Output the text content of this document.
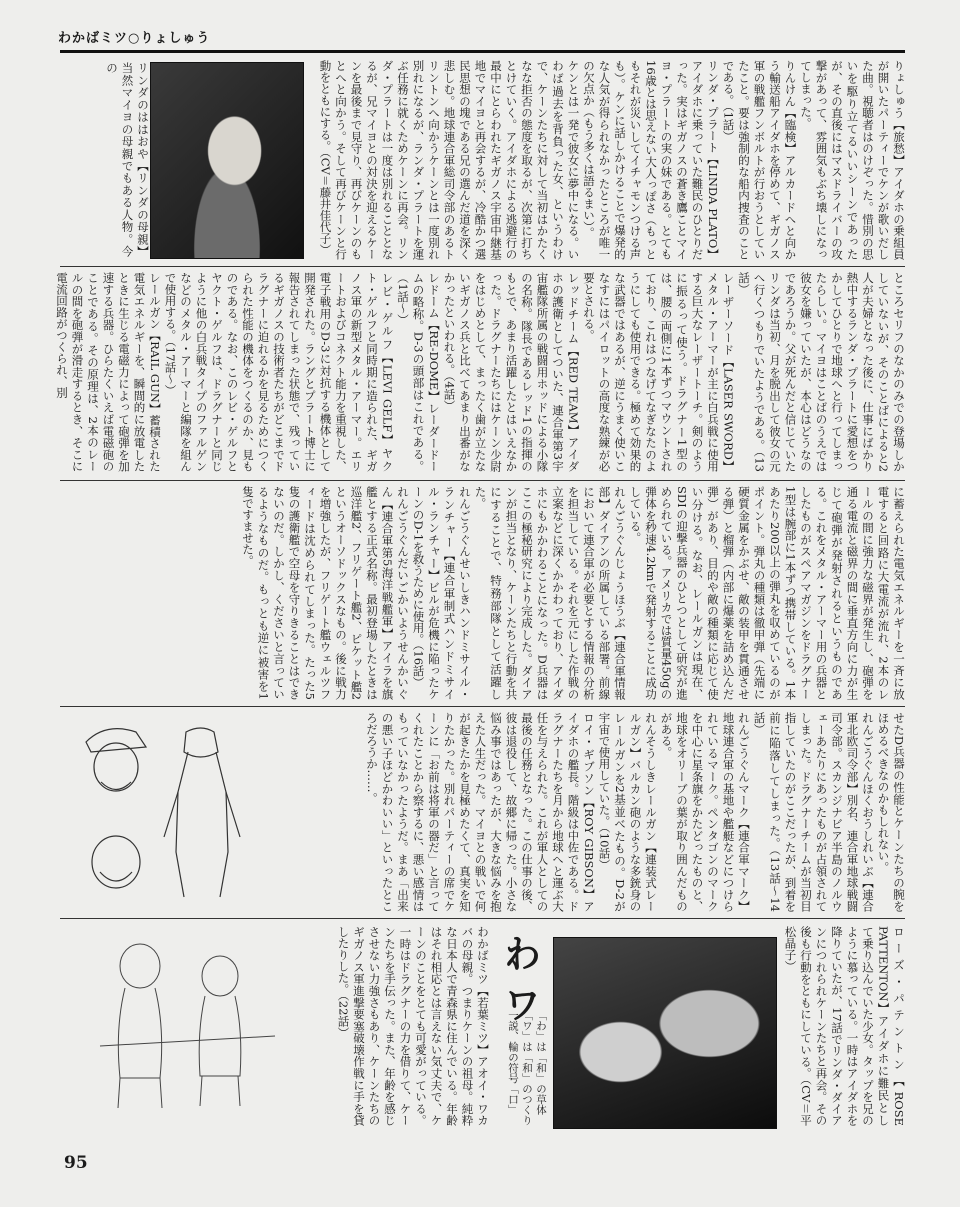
わかばミツ○りょしゅう
リンダのははおや【リンダの母親】当然マイヨの母親でもある人物。今の	りょしゅう【旅愁】アイダホの乗組員が開いたパーティーでケンが歌いだした曲。視聴者はのけぞった。惜別の思いを駆り立てるいいシーンであったが、その直後にはマスドライバーの攻撃があって、雰囲気もぶち壊しになってしまった。

りんけん【臨検】アルカードへと向かう輸送船アイダホを停めて、ギガノス軍の戦艦フンボルトが行おうとしていたこと。要は強制的な船内捜査のことである。（1話）

リンダ・プラート【LINDA PLATO】アイダホに乗っていた難民のひとりだった。実はギガノスの蒼き鷹ことマイヨ・プラートの実の妹である。とても16歳とは思えない大人っぽさ（もっともそれが災いしてイチャモンつける声も）。ケンに話しかけることで爆発的な人気が得られなかったところが唯一の欠点か（もう多くは語るまい）。

ケンとは一発で彼女に夢中になる。いわば過去を背負った女、というわけで、ケーンたちに対して当初はかたくなな拒否の態度を取るが、次第に打ちとけていく。アイダホによる逃避行の最中にとらわれたギガノス宇宙中継基地でマイヨと再会するが、冷酷かつ選民思想の塊である兄の選んだ道を深く悲しむ。地球連合軍総司令部のあるトリントンへ向かうケーンとは一度別れ別れになるが、ランダ・プラートを運ぶ任務に就くためケーンに再会。リンダ・プラートは一度は別れることとなるが、兄マイヨとの対決を迎えるケーンを最後まで見守り、再びケーンのもとへと向かう。そして再びケーンと行動をともにする。（CV＝藤井佳代子）

ところセリフのなかのみでの登場しかしていないが、そのことばによると2人が夫婦となった後に、仕事にばかり熱中するランダ・プラートに愛想をつかしてひとりで地球へと行ってしまったらしい。マイヨはことばのうえでは彼女を嫌っていたが、本心はどうなのであろうか。父が死んだと信じていたリンダは当初、月を脱出して彼女の元へ行くつもりでいたようである。（13話）

レーザーソード【LASER SWORD】メタル・アーマーが主に白兵戦に使用する巨大なレーザートーチ。剣のように振るって使う。ドラグナー1型のは、腰の両側に1本ずつマウントされており、これはつなげてなぎなたのようにしても使用できる。極めて効果的な武器ではあるが、逆にうまく使いこなすにはパイロットの高度な熟練が必要とされる。

レッドチーム【RED TEAM】アイダホの護衛としてついた、連合軍第3宇宙艦隊所属の戦闘用ホッドによる小隊の名称。隊長であるレッド1の指揮のもとで、あまり活躍したとはいえなかった。ドラグナーたちにはケーン少尉をはじめとして、まったく歯が立たないギガノス兵と比べてあまり出番がなかったといわれる。（4話）

レドーム【RE-DOME】レーダードームの略称。D-3の頭部はこれである。（1話〜）

レビ・ゲルフ【LEVI GELF】ヤクト・ゲルフと同時期に造られた、ギガノス軍の新型メタル・アーマー。エリートおよびコネクト能力を重視した、電子戦用のD-3に対抗する機体として開発された。ラングとプラート博士に報告されてしまった状態で、残っているギガノスの技術者たちがどこまでドラグナーに迫れるかを見るためにつくられた性能の機体をつくるのか、見ものである。なお、このレビ・ゲルフとヤクト・ゲルフは、ドラグナーと同じように他の白兵戦タイプのファルゲンなどのメタル・アーマーと編隊を組んで使用する。（17話〜）

レールガン【RAIL GUN】蓄積された電気エネルギーを、瞬間的に放電したときに生じる電磁力によって砲弾を加速する兵器。ひらたくいえば電磁砲のことである。その原理は、2本のレールの間を砲弾が滑走するとき、そこに電流回路がつくられ、別

に蓄えられた電気エネルギーを一斉に放電すると回路に大電流が流れ、2本のレールの間に強力な磁界が発生し、砲弾を通る電流と磁界の間に垂直方向に力が生じて砲弾が発射されるというものである。これをメタル・アーマー用の兵器としたものがスペアマガジンをドラグナー1型は腕部に1本ずつ携帯している。1本あたり200以上の弾丸を収めているのがポイント。弾丸の種類は徹甲弾（先端に硬質金属をかぶせ、敵の装甲を貫通させる弾）と榴弾（内部に爆薬を詰め込んだ弾）があり、目的や敵の種類に応じて使い分ける。なお、レールガンは現在、SDIの迎撃兵器のひとつとして研究が進められている。アメリカでは質量450gの弾体を秒速4.2kmで発射することに成功している。

れんごうぐんじょうほうぶ【連合軍情報部】ダイアンの所属している部署。前線において連合軍が必要とする情報の分析を担当している。それを元にした作戦の立案などに深くかかわっており、アイダホにもかかわることになった。D兵器はここの極秘研究により完成した。ダイアンが担当となり、ケーンたちと行動を共にすることで、特務部隊として活躍した。

れんごうぐんせいしきハンドミサイル・ランチャー【連合軍制式ハンドミサイル・ランチャー】ビルが危機に陥ったケーンのD-1を救うために使用。（16話）

れんごうぐんだいごかいようせんかいぐん【連合軍第5海洋戦艦軍】アイラを旗艦とする正式名称。最初登場したときは巡洋艦2、フリゲート艦2、ピケット艦2というオーソドックスなもの。後に戦力を増強したが、フリゲート艦ウェルツフィードは沈められてしまった。たった5隻の護衛艦で空母を守りきることはできないのだ。しかし、くださいと言っているようなものだ。もっとも逆に被害を1隻ですませた。

せたD兵器の性能とケーンたちの腕をほめるべきなのかもしれない。

れんごうぐんほくおうしれいぶ【連合軍北欧司令部】別名、連合軍地球戦闘司令部。スカンジナビア半島のノルウェーあたりにあったものが占領されてしまった。ドラグナーチームが当初目指していたのがここだったが、到着を前に陥落してしまった。（13話〜14話）

れんごうぐんマーク【連合軍マーク】地球連合軍の基地や艦艇などにつけられているマーク。ペンタゴンのマークを中心に星条旗をかたどったものと、地球をオリーブの葉が取り囲んだものがある。

れんそうしきレールガン【連装式レールガン】バルカン砲のような多銃身のレールガンを2基並べたもの。D-2が宇宙で使用していた。（10話）

ロイ・ギブソン【ROY GIBSON】アイダホの艦長。階級は中佐である。ドラグナーたちを月から地球へと運ぶ大任を与えられた。これが軍人としての最後の任務となった。この仕事の後、彼は退役して、故郷に帰った。小さな悩み事ではあったが、大きな悩みを抱えた人生だった。マイヨとの戦いで何が起きたかを見極めたくて、真実を知りたかった。別れパーティーの席でケーンに「お前は将軍の器だ」と言ってくれたことから察するに、悪い感情はもっていなかったようだ。まあ「出来の悪い子ほどかわいい」といったところだろうか……。

わかばミツ【若葉ミツ】アオイ・ワカバの母親。つまりケーンの祖母。純粋な日本人で青森県に住んでいる。年齢はそれ相応とは言えない気丈夫で、ケーンのことをとても可愛がっている。一時はドラグナーの力を借りて、ケーンたちを手伝った。また、年齢を感じさせない力強さもあり、ケーンたちのギガノス軍進撃要塞破壊作戦に手を貸したりした。（22話）	わ ワ
「わ」は「和」の草体「ワ」は「和」のつくり 一説、輪の符号「口」	ローズ・パテントン【ROSE PATTENTON】アイダホに難民として乗り込んでいた少女。タップを兄のように慕っている。一時はアイダホを降りていたが、17話でリンダ・ダイアンにつれられケーンたちと再会。その後も行動をともにしている。（CV＝平松晶子）
95
